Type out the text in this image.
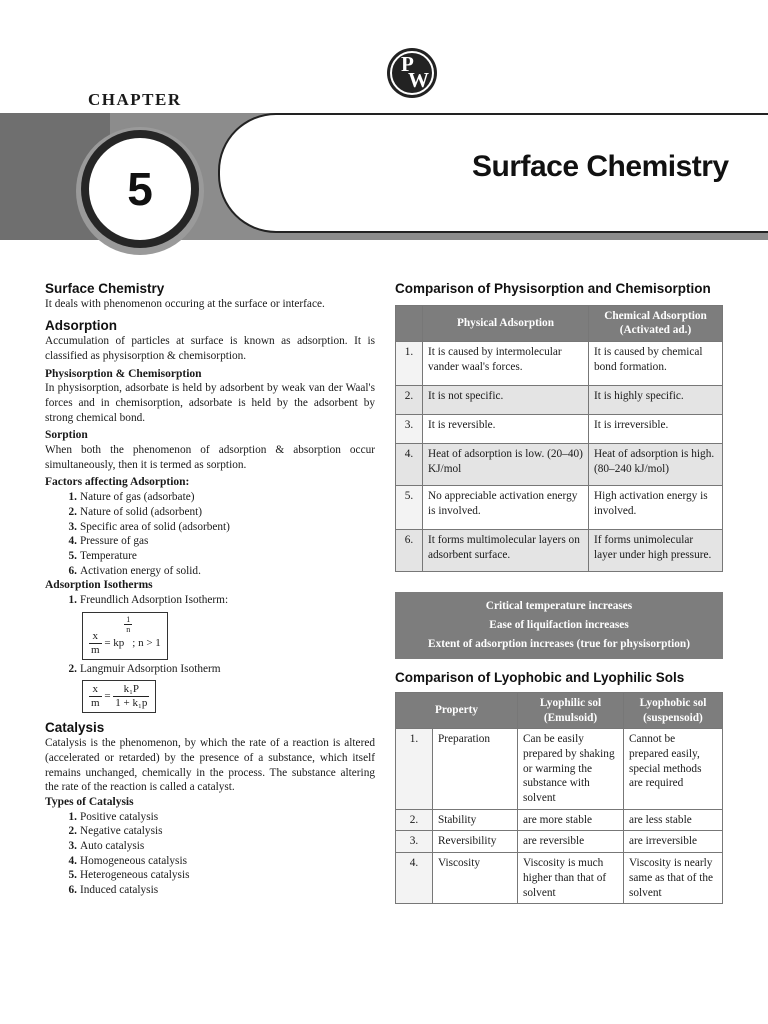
P
W
CHAPTER
5	Surface Chemistry
Surface Chemistry

It deals with phenomenon occuring at the surface or interface.

Adsorption

Accumulation of particles at surface is known as adsorption. It is classified as physisorption & chemisorption.

Physisorption & Chemisorption

In physisorption, adsorbate is held by adsorbent by weak van der Waal's forces and in chemisorption, adsorbate is held by the adsorbent by strong chemical bond.

Sorption

When both the phenomenon of adsorption & absorption occur simultaneously, then it is termed as sorption.

Factors affecting Adsorption:
1. Nature of gas (adsorbate)
2. Nature of solid (adsorbent)
3. Specific area of solid (adsorbent)
4. Pressure of gas
5. Temperature
6. Activation energy of solid.
Adsorption Isotherms
1. Freundlich Adsorption Isotherm:
$\frac{x}{m}$ = kp
$\frac{1}{n}$
; n > 1
2. Langmuir Adsorption Isotherm
$\frac{x}{m} = \frac{\text{k₁P}}{\text{1 + k₁p}}$
Catalysis

Catalysis is the phenomenon, by which the rate of a reaction is altered (accelerated or retarded) by the presence of a substance, which itself remains unchanged, chemically in the process. The substance altering the rate of the reaction is called a catalyst.

Types of Catalysis
1. Positive catalysis
2. Negative catalysis
3. Auto catalysis
4. Homogeneous catalysis
5. Heterogeneous catalysis
6. Induced catalysis
Comparison of Physisorption and Chemisorption
	Physical Adsorption	Chemical Adsorption (Activated ad.)
1.	It is caused by intermolecular vander waal's forces.	It is caused by chemical bond formation.
2.	It is not specific.	It is highly specific.
3.	It is reversible.	It is irreversible.
4.	Heat of adsorption is low. (20–40) KJ/mol	Heat of adsorption is high. (80–240 kJ/mol)
5.	No appreciable activation energy is involved.	High activation energy is involved.
6.	It forms multimolecular layers on adsorbent surface.	If forms unimolecular layer under high pressure.
Critical temperature increases
Ease of liquifaction increases
Extent of adsorption increases (true for physisorption)
Comparison of Lyophobic and Lyophilic Sols
Property		Lyophilic sol (Emulsoid)	Lyophobic sol (suspensoid)
1.	Preparation	Can be easily prepared by shaking or warming the substance with solvent	Cannot be prepared easily, special methods are required
2.	Stability	are more stable	are less stable
3.	Reversibility	are reversible	are irreversible
4.	Viscosity	Viscosity is much higher than that of solvent	Viscosity is nearly same as that of the solvent
